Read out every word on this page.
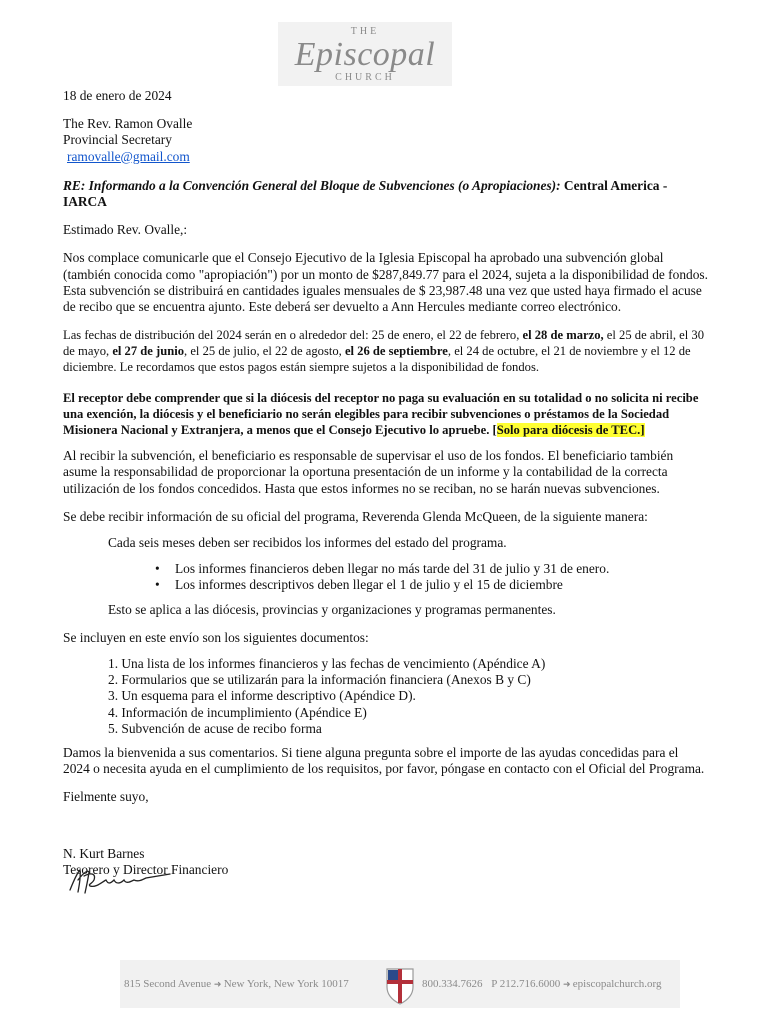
THE
Episcopal
CHURCH
18 de enero de 2024
The Rev. Ramon Ovalle
Provincial Secretary
ramovalle@gmail.com
RE: Informando a la Convención General del Bloque de Subvenciones (o Apropiaciones): Central America - IARCA
Estimado Rev. Ovalle,:
Nos complace comunicarle que el Consejo Ejecutivo de la Iglesia Episcopal ha aprobado una subvención global (también conocida como "apropiación") por un monto de $287,849.77 para el 2024, sujeta a la disponibilidad de fondos. Esta subvención se distribuirá en cantidades iguales mensuales de $ 23,987.48 una vez que usted haya firmado el acuse de recibo que se encuentra ajunto. Este deberá ser devuelto a Ann Hercules mediante correo electrónico.
Las fechas de distribución del 2024 serán en o alrededor del: 25 de enero, el 22 de febrero, el 28 de marzo, el 25 de abril, el 30 de mayo, el 27 de junio, el 25 de julio, el 22 de agosto, el 26 de septiembre, el 24 de octubre, el 21 de noviembre y el 12 de diciembre. Le recordamos que estos pagos están siempre sujetos a la disponibilidad de fondos.
El receptor debe comprender que si la diócesis del receptor no paga su evaluación en su totalidad o no solicita ni recibe una exención, la diócesis y el beneficiario no serán elegibles para recibir subvenciones o préstamos de la Sociedad Misionera Nacional y Extranjera, a menos que el Consejo Ejecutivo lo apruebe. [Solo para diócesis de TEC.]
Al recibir la subvención, el beneficiario es responsable de supervisar el uso de los fondos. El beneficiario también asume la responsabilidad de proporcionar la oportuna presentación de un informe y la contabilidad de la correcta utilización de los fondos concedidos. Hasta que estos informes no se reciban, no se harán nuevas subvenciones.
Se debe recibir información de su oficial del programa, Reverenda Glenda McQueen, de la siguiente manera:
Cada seis meses deben ser recibidos los informes del estado del programa.
• Los informes financieros deben llegar no más tarde del 31 de julio y 31 de enero.
• Los informes descriptivos deben llegar el 1 de julio y el 15 de diciembre
Esto se aplica a las diócesis, provincias y organizaciones y programas permanentes.
Se incluyen en este envío son los siguientes documentos:
1. Una lista de los informes financieros y las fechas de vencimiento (Apéndice A)
2. Formularios que se utilizarán para la información financiera (Anexos B y C)
3. Un esquema para el informe descriptivo (Apéndice D).
4. Información de incumplimiento (Apéndice E)
5. Subvención de acuse de recibo forma
Damos la bienvenida a sus comentarios. Si tiene alguna pregunta sobre el importe de las ayudas concedidas para el 2024 o necesita ayuda en el cumplimiento de los requisitos, por favor, póngase en contacto con el Oficial del Programa.
Fielmente suyo,
N. Kurt Barnes
Tesorero y Director Financiero
815 Second Avenue ➜ New York, New York 10017	800.334.7626 P 212.716.6000 ➜ episcopalchurch.org
